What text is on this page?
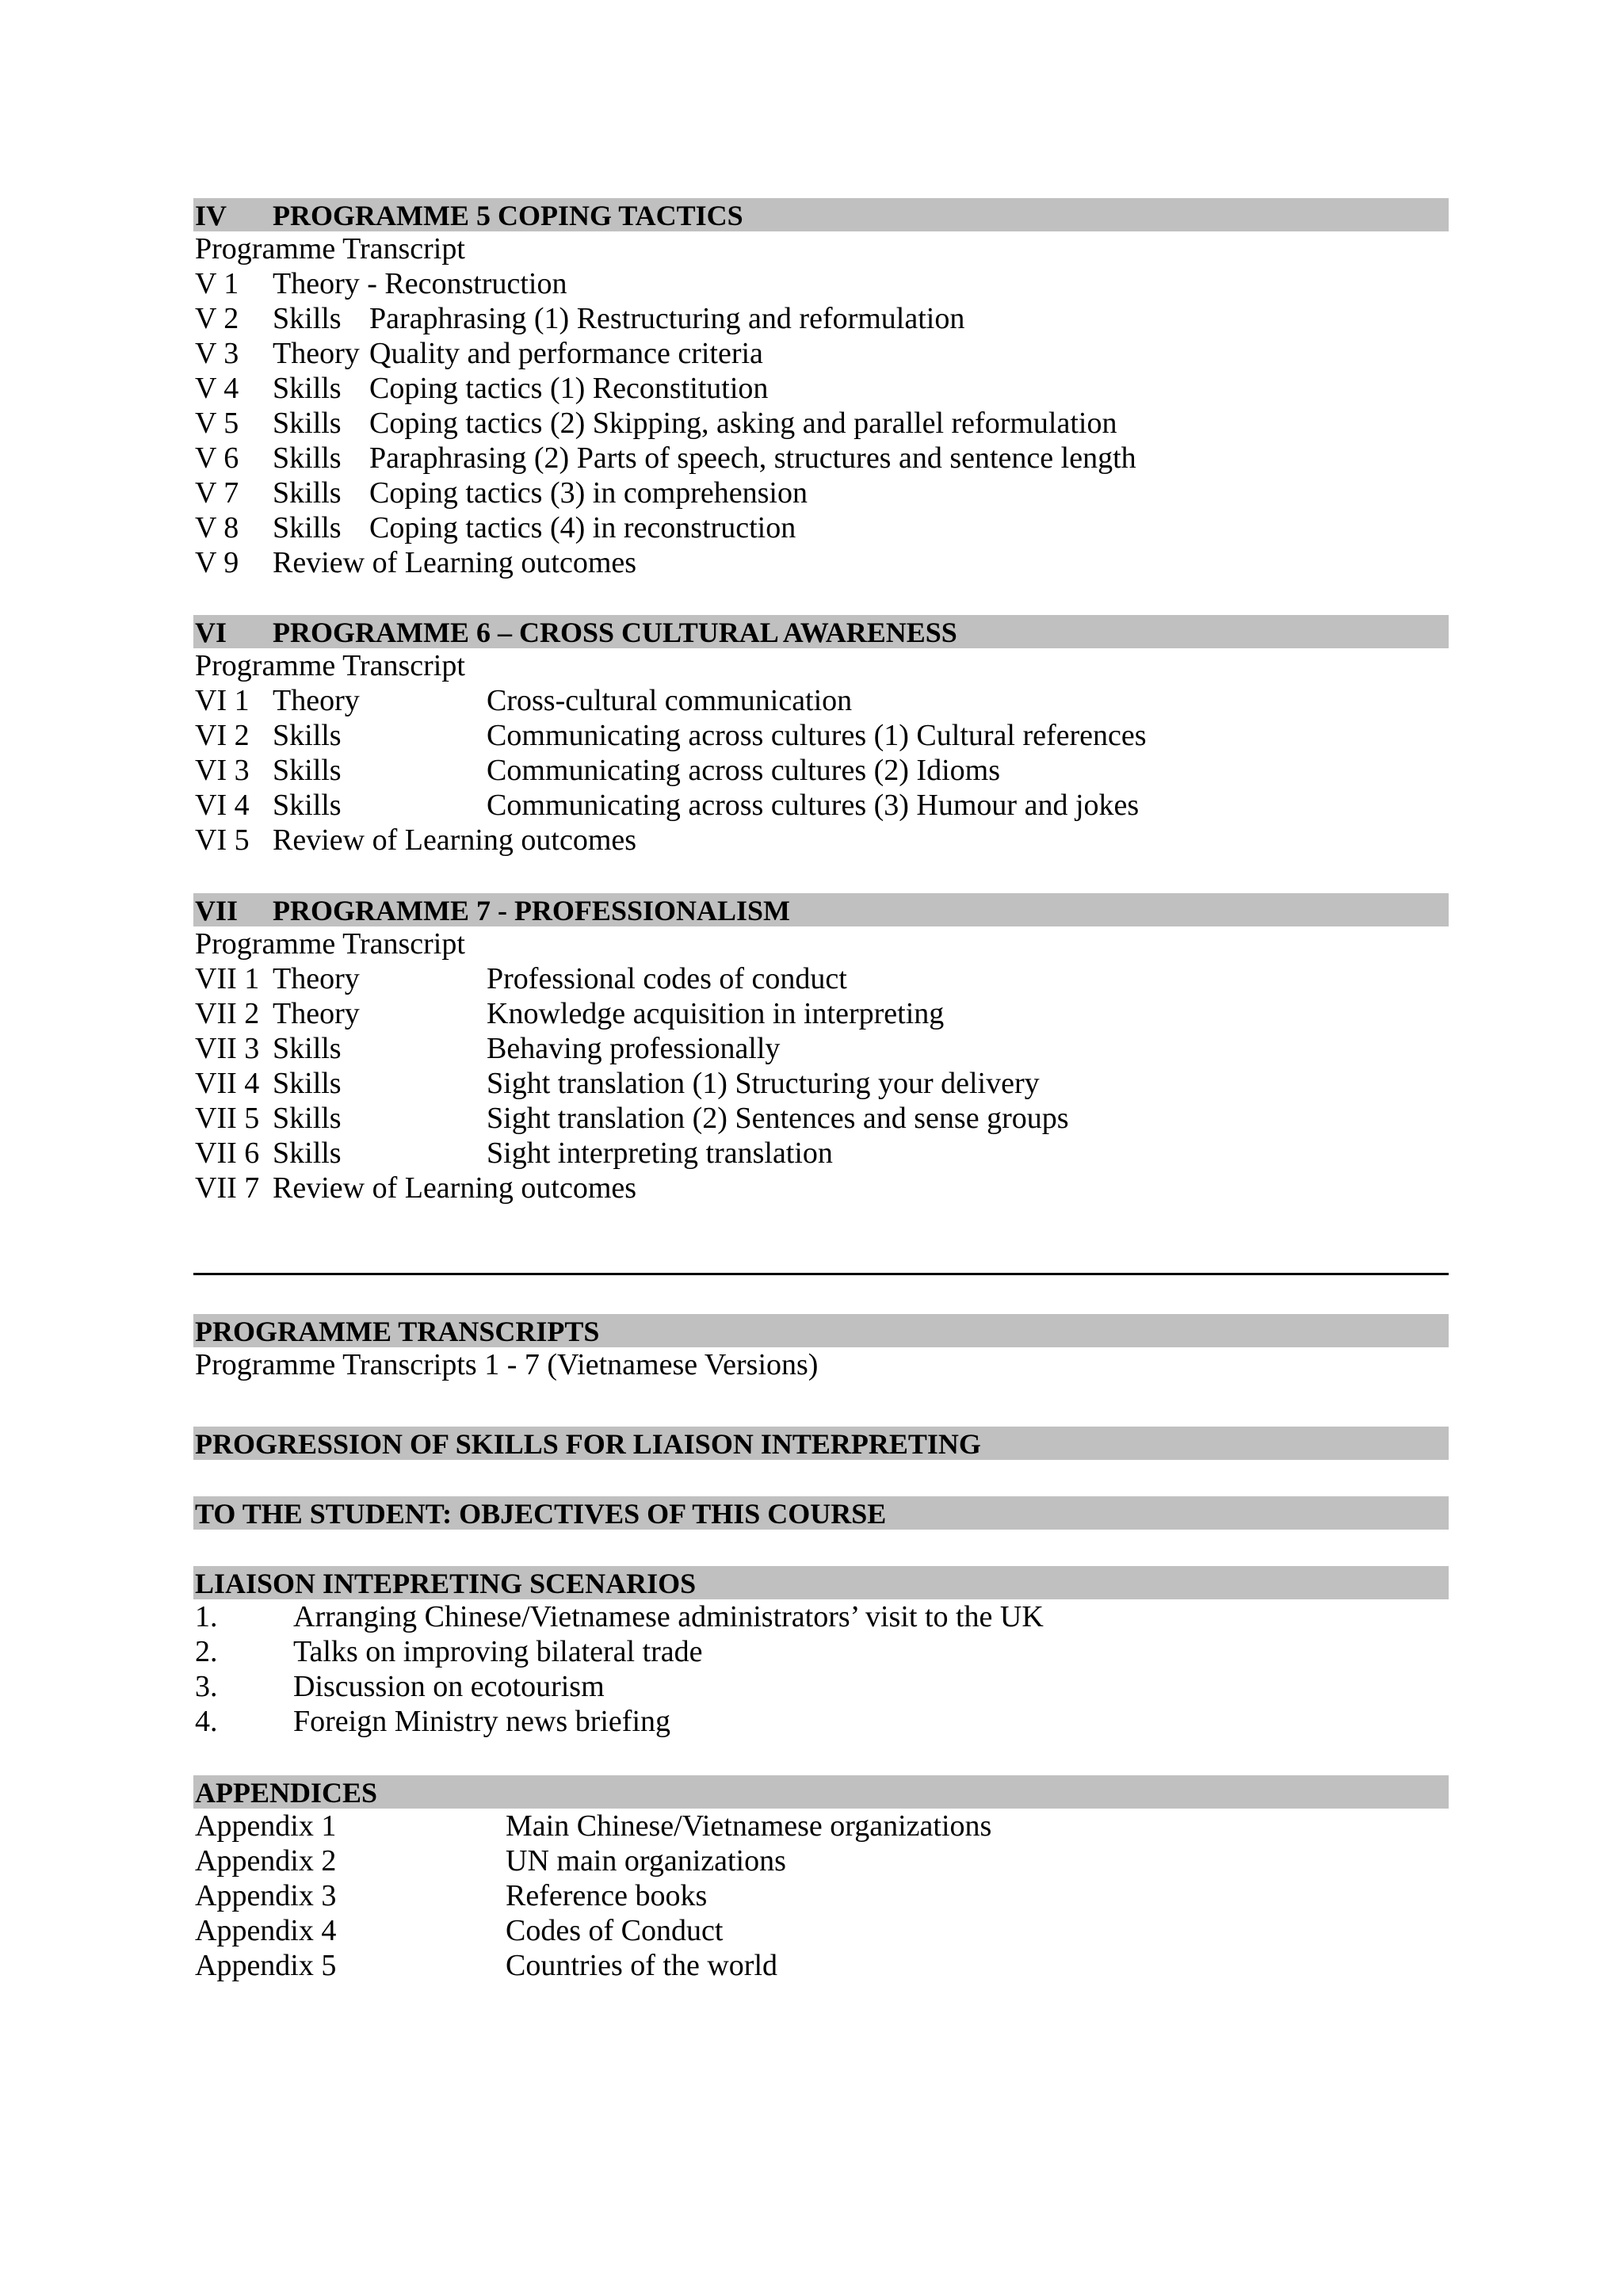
IV PROGRAMME 5 COPING TACTICS
Programme Transcript
V 1 Theory - Reconstruction
V 2 Skills Paraphrasing (1) Restructuring and reformulation
V 3 Theory Quality and performance criteria
V 4 Skills Coping tactics (1) Reconstitution
V 5 Skills Coping tactics (2) Skipping, asking and parallel reformulation
V 6 Skills Paraphrasing (2) Parts of speech, structures and sentence length
V 7 Skills Coping tactics (3) in comprehension
V 8 Skills Coping tactics (4) in reconstruction
V 9 Review of Learning outcomes
VI PROGRAMME 6 – CROSS CULTURAL AWARENESS
Programme Transcript
VI 1 Theory	Cross-cultural communication
VI 2 Skills	Communicating across cultures (1) Cultural references
VI 3 Skills	Communicating across cultures (2) Idioms
VI 4 Skills	Communicating across cultures (3) Humour and jokes
VI 5 Review of Learning outcomes
VII PROGRAMME 7 - PROFESSIONALISM
Programme Transcript
VII 1 Theory	Professional codes of conduct
VII 2 Theory	Knowledge acquisition in interpreting
VII 3 Skills	Behaving professionally
VII 4 Skills	Sight translation (1) Structuring your delivery
VII 5 Skills	Sight translation (2) Sentences and sense groups
VII 6 Skills	Sight interpreting translation
VII 7 Review of Learning outcomes
PROGRAMME TRANSCRIPTS
Programme Transcripts 1 - 7 (Vietnamese Versions)
PROGRESSION OF SKILLS FOR LIAISON INTERPRETING
TO THE STUDENT: OBJECTIVES OF THIS COURSE
LIAISON INTEPRETING SCENARIOS
1.	Arranging Chinese/Vietnamese administrators’ visit to the UK
2.	Talks on improving bilateral trade
3.	Discussion on ecotourism
4.	Foreign Ministry news briefing
APPENDICES
Appendix 1	Main Chinese/Vietnamese organizations
Appendix 2	UN main organizations
Appendix 3	Reference books
Appendix 4	Codes of Conduct
Appendix 5	Countries of the world
